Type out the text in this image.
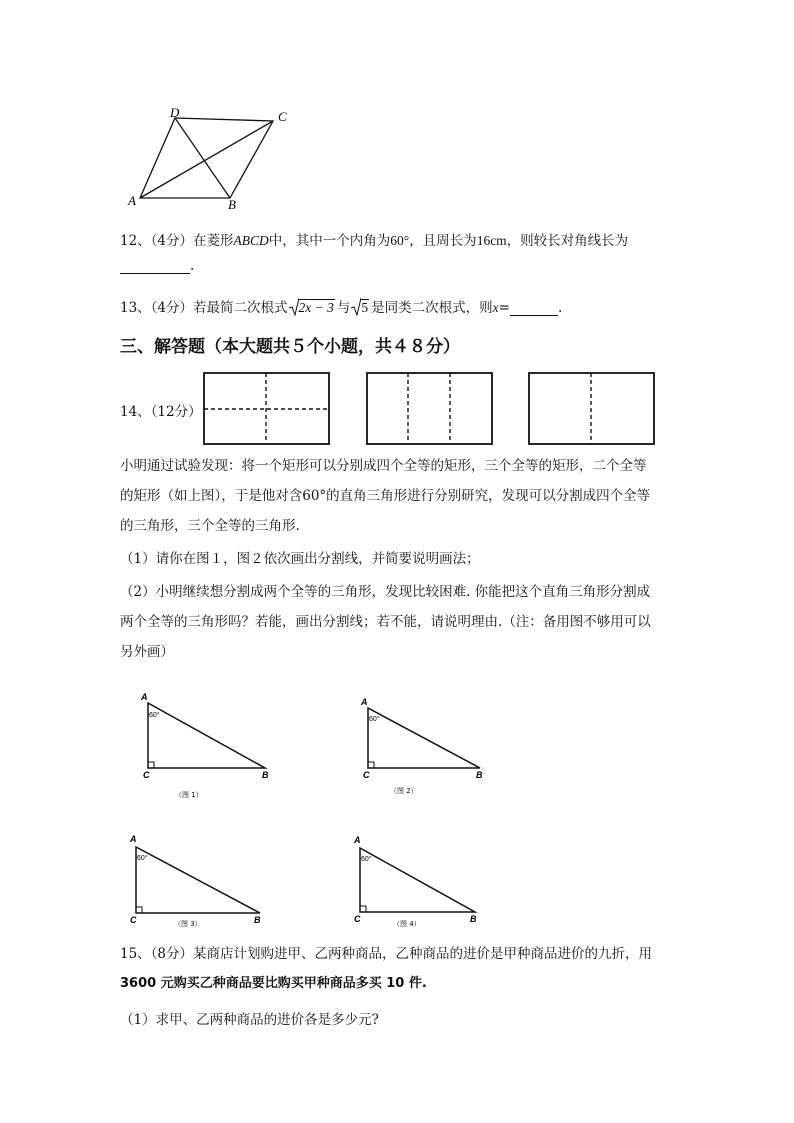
D	C
A	B
12、（4分）在菱形ABCD中，其中一个内角为60°，且周长为16cm，则较长对角线长为
.
13、（4分）若最简二次根式 2x − 3 与 5 是同类二次根式，则x=	.
三、解答题（本大题共５个小题，共４８分）
14、（12分）
小明通过试验发现：将一个矩形可以分别成四个全等的矩形，三个全等的矩形，二个全等
的矩形（如上图），于是他对含60°的直角三角形进行分别研究，发现可以分割成四个全等
的三角形，三个全等的三角形.
（1）请你在图１，图２依次画出分割线，并简要说明画法；
（2）小明继续想分割成两个全等的三角形，发现比较困难. 你能把这个直角三角形分割成
两个全等的三角形吗？若能，画出分割线；若不能，请说明理由.（注：备用图不够用可以
另外画）
A
60°
C	B
（图 1）
A
60°
C	B
（图 2）
A
60°
C	B
（图 3）
A
60°
C	B
（图 4）
15、（8分）某商店计划购进甲、乙两种商品，乙种商品的进价是甲种商品进价的九折，用
3600 元购买乙种商品要比购买甲种商品多买 10 件.
（1）求甲、乙两种商品的进价各是多少元?
